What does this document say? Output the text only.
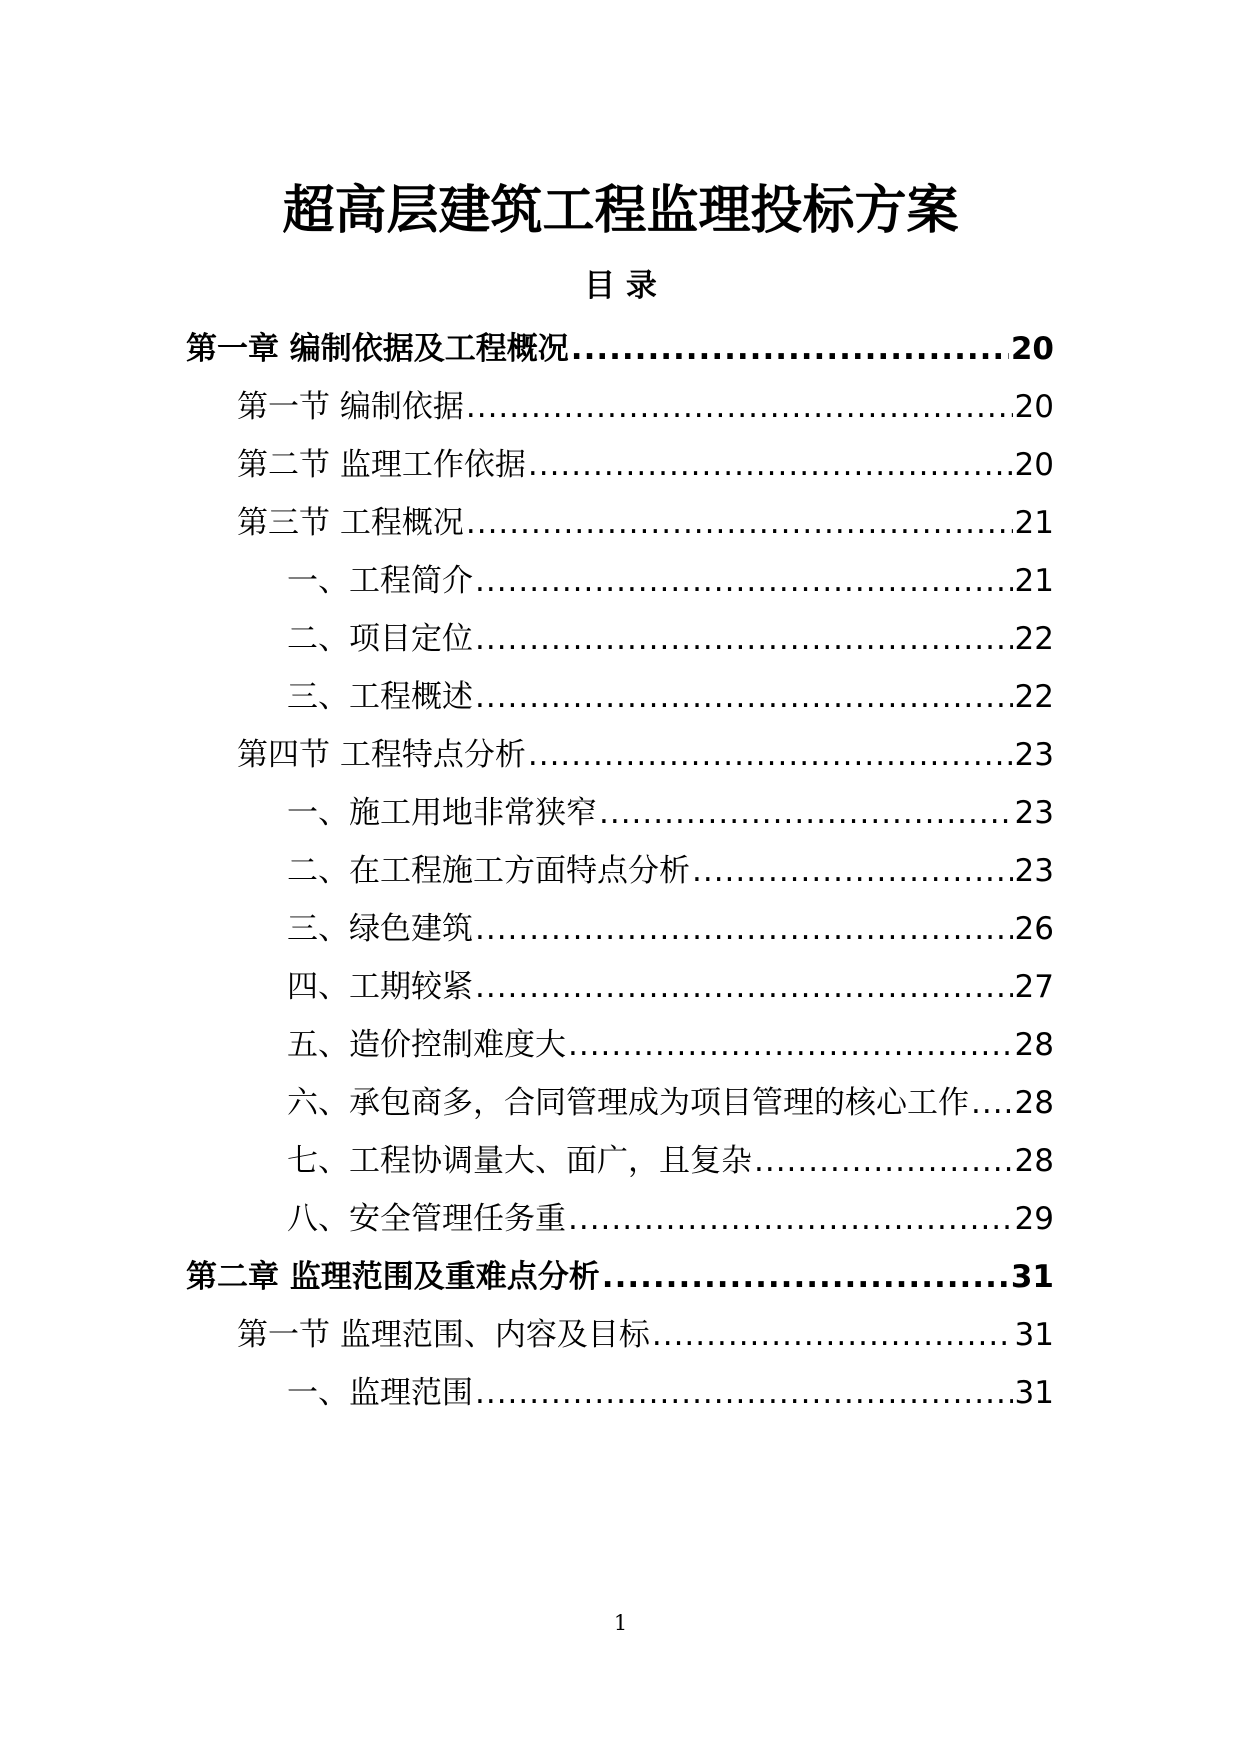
超高层建筑工程监理投标方案
目 录
第一章 编制依据及工程概况 .....	20
第一节 编制依据 .....	20
第二节 监理工作依据 .....	20
第三节 工程概况 .....	21
一、工程简介 .....	21
二、项目定位 .....	22
三、工程概述 .....	22
第四节 工程特点分析 .....	23
一、施工用地非常狭窄 .....	23
二、在工程施工方面特点分析 .....	23
三、绿色建筑 .....	26
四、工期较紧 .....	27
五、造价控制难度大 .....	28
六、承包商多，合同管理成为项目管理的核心工作 ..... 28
七、工程协调量大、面广，且复杂 .....	28
八、安全管理任务重 .....	29
第二章 监理范围及重难点分析 .....	31
第一节 监理范围、内容及目标 .....	31
一、监理范围 .....	31
1
